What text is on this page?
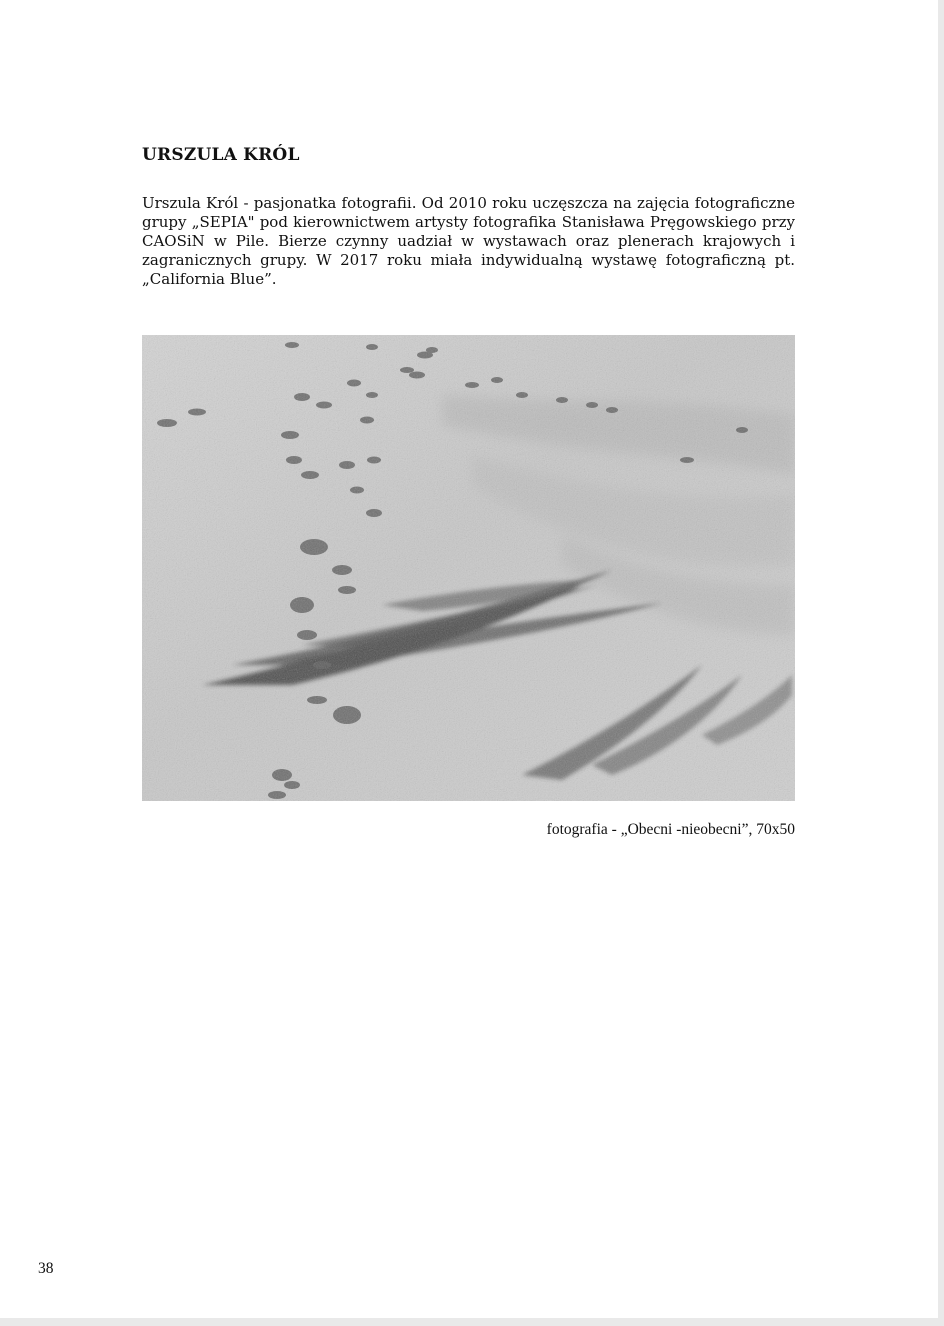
URSZULA KRÓL

Urszula Król - pasjonatka fotografii. Od 2010 roku uczęszcza na zajęcia fotograficzne grupy „SEPIA" pod kierownictwem artysty fotografika Stanisława Pręgowskiego przy CAOSiN w Pile. Bierze czynny uadział w wystawach oraz plenerach krajowych i zagranicznych grupy. W 2017 roku miała indywidualną wystawę fotograficzną pt. „California Blue”.

fotografia - „Obecni -nieobecni”, 70x50
38
